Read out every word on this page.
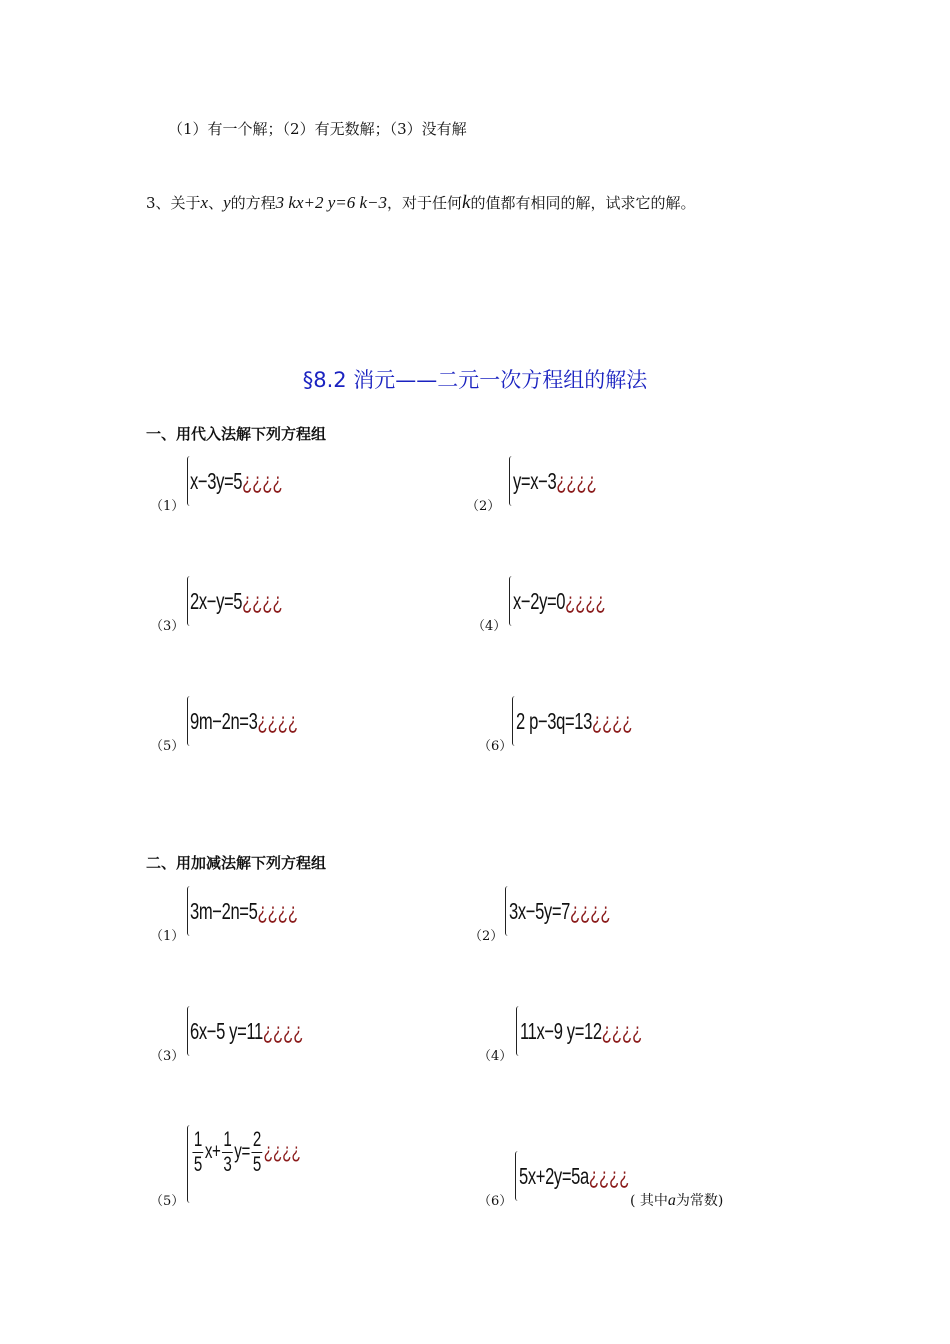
（1）有一个解；（2）有无数解；（3）没有解
3、关于x、y的方程3 kx+2 y=6 k−3，对于任何k的值都有相同的解，试求它的解。
§8.2 消元——二元一次方程组的解法
一、用代入法解下列方程组
（1）
x−3y=5¿¿¿¿
（2）
y=x−3¿¿¿¿
（3）
2x−y=5¿¿¿¿
（4）
x−2y=0¿¿¿¿
（5）
9m−2n=3¿¿¿¿
（6）
2 p−3q=13¿¿¿¿
二、用加减法解下列方程组
（1）
3m−2n=5¿¿¿¿
（2）
3x−5y=7¿¿¿¿
（3）
6x−5 y=11¿¿¿¿
（4）
11x−9 y=12¿¿¿¿
（5）
$\frac{1}{5} x+ \frac{1}{3} y= \frac{2}{5}$ ¿¿¿¿
（6）
5x+2y=5a¿¿¿¿
( 其中a为常数)
